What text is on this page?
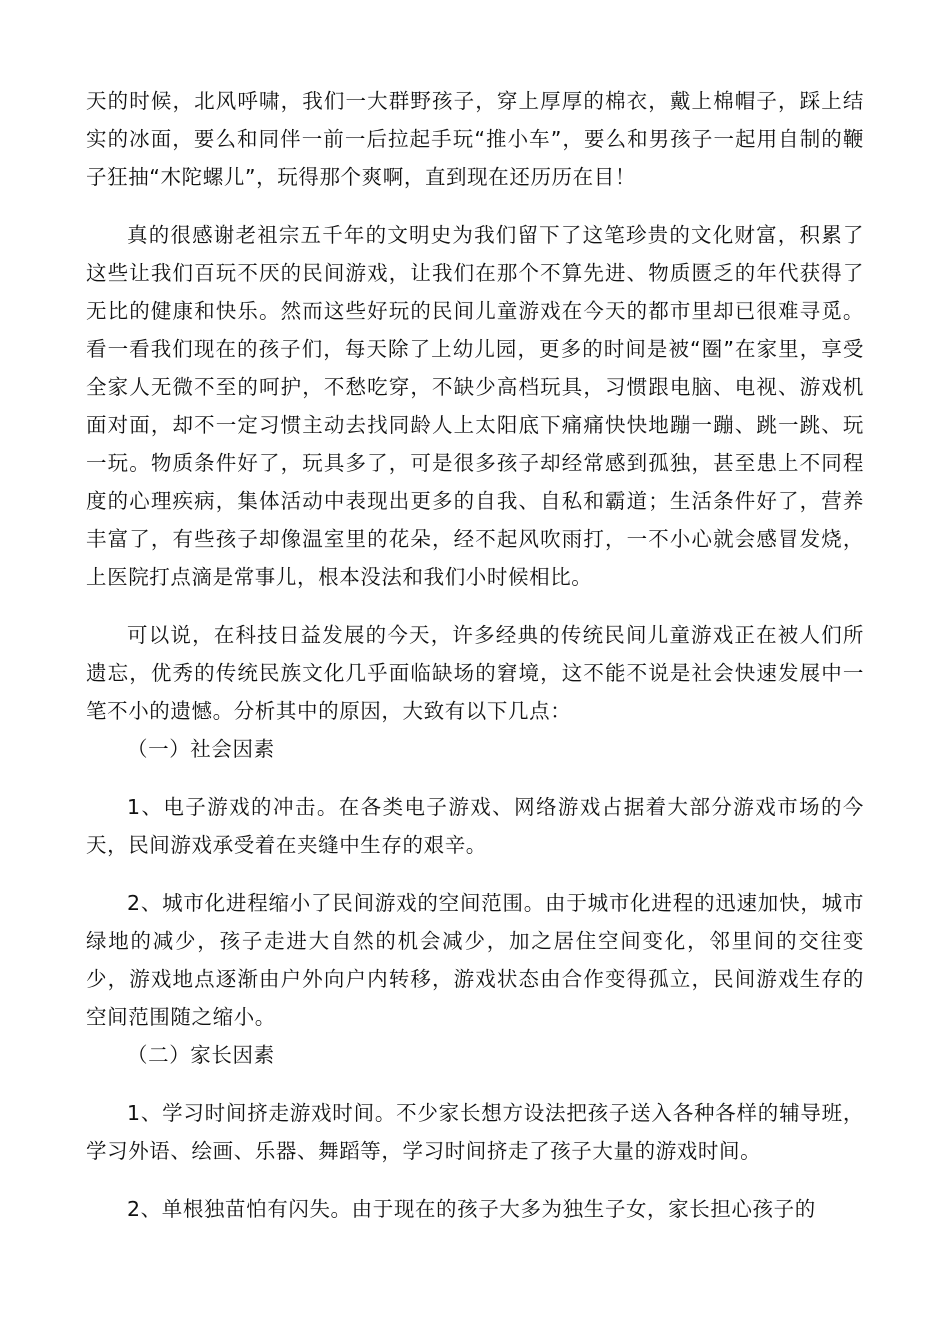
天的时候，北风呼啸，我们一大群野孩子，穿上厚厚的棉衣，戴上棉帽子，踩上结实的冰面，要么和同伴一前一后拉起手玩“推小车”，要么和男孩子一起用自制的鞭子狂抽“木陀螺儿”，玩得那个爽啊，直到现在还历历在目！

真的很感谢老祖宗五千年的文明史为我们留下了这笔珍贵的文化财富，积累了这些让我们百玩不厌的民间游戏，让我们在那个不算先进、物质匮乏的年代获得了无比的健康和快乐。然而这些好玩的民间儿童游戏在今天的都市里却已很难寻觅。看一看我们现在的孩子们，每天除了上幼儿园，更多的时间是被“圈”在家里，享受全家人无微不至的呵护，不愁吃穿，不缺少高档玩具，习惯跟电脑、电视、游戏机面对面，却不一定习惯主动去找同龄人上太阳底下痛痛快快地蹦一蹦、跳一跳、玩一玩。物质条件好了，玩具多了，可是很多孩子却经常感到孤独，甚至患上不同程度的心理疾病，集体活动中表现出更多的自我、自私和霸道；生活条件好了，营养丰富了，有些孩子却像温室里的花朵，经不起风吹雨打，一不小心就会感冒发烧，上医院打点滴是常事儿，根本没法和我们小时候相比。

可以说，在科技日益发展的今天，许多经典的传统民间儿童游戏正在被人们所遗忘，优秀的传统民族文化几乎面临缺场的窘境，这不能不说是社会快速发展中一笔不小的遗憾。分析其中的原因，大致有以下几点：

（一）社会因素

1、电子游戏的冲击。在各类电子游戏、网络游戏占据着大部分游戏市场的今天，民间游戏承受着在夹缝中生存的艰辛。

2、城市化进程缩小了民间游戏的空间范围。由于城市化进程的迅速加快，城市绿地的减少，孩子走进大自然的机会减少，加之居住空间变化，邻里间的交往变少，游戏地点逐渐由户外向户内转移，游戏状态由合作变得孤立，民间游戏生存的空间范围随之缩小。

（二）家长因素

1、学习时间挤走游戏时间。不少家长想方设法把孩子送入各种各样的辅导班，学习外语、绘画、乐器、舞蹈等，学习时间挤走了孩子大量的游戏时间。

2、单根独苗怕有闪失。由于现在的孩子大多为独生子女，家长担心孩子的
